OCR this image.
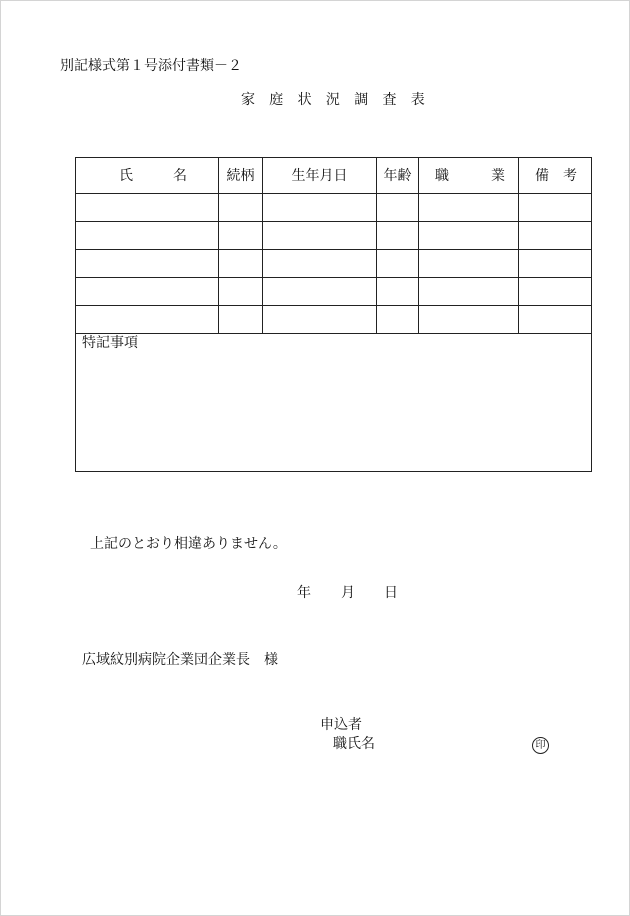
別記様式第１号添付書類－２
家庭状況調査表
氏名	続柄	生年月日	年齢	職業	備考

特記事項					
上記のとおり相違ありません。
年 月 日
広域紋別病院企業団企業長　様
申込者
職氏名	印
